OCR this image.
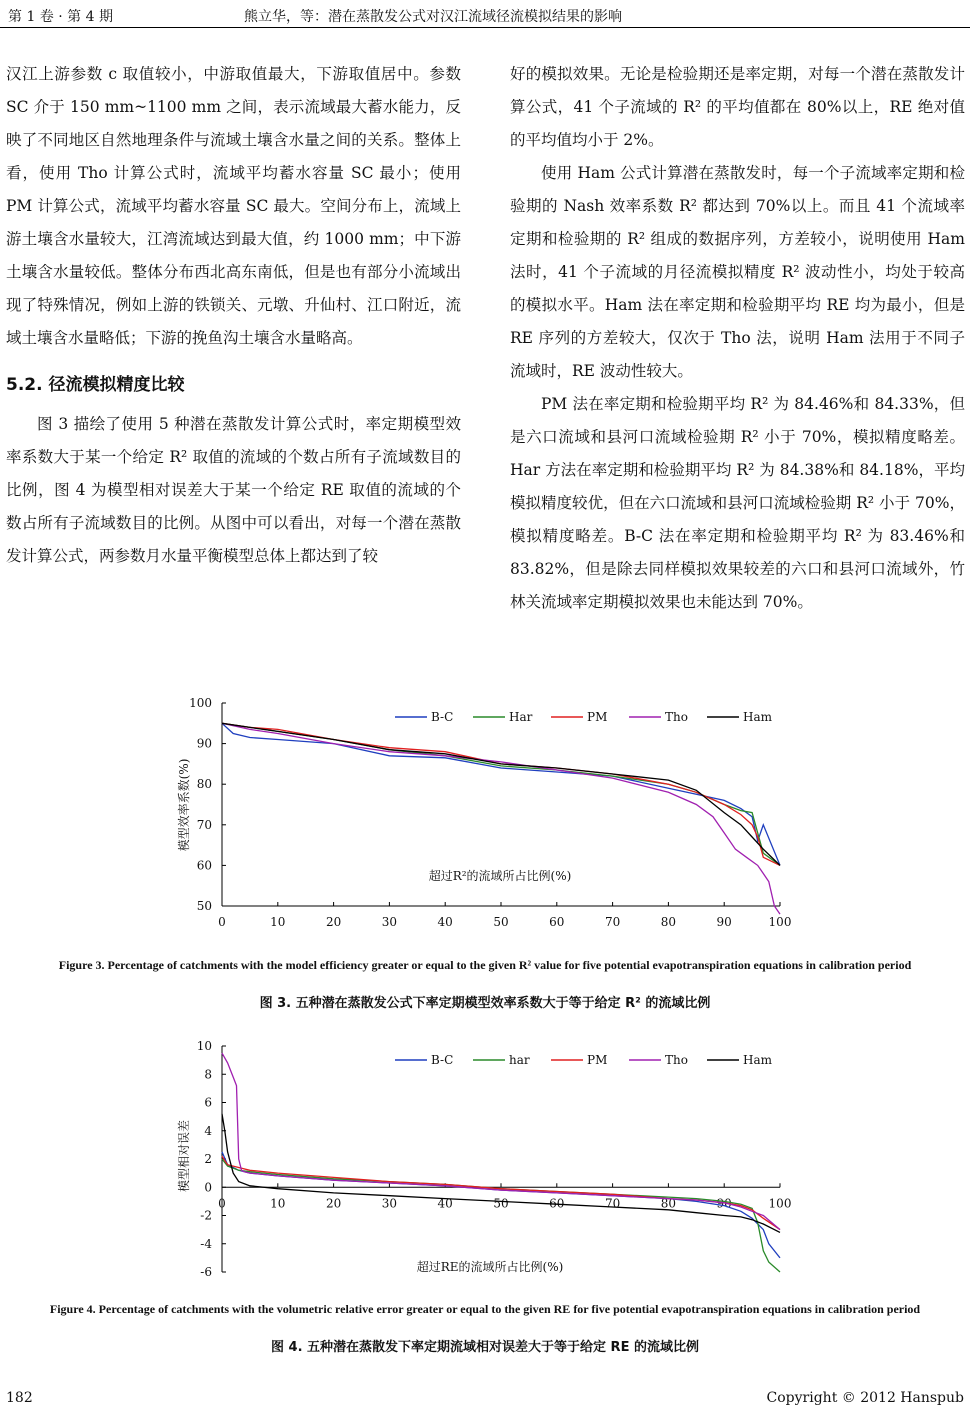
第 1 卷 · 第 4 期	熊立华，等：潜在蒸散发公式对汉江流域径流模拟结果的影响

汉江上游参数 c 取值较小，中游取值最大，下游取值居中。参数 SC 介于 150 mm~1100 mm 之间，表示流域最大蓄水能力，反映了不同地区自然地理条件与流域土壤含水量之间的关系。整体上看，使用 Tho 计算公式时，流域平均蓄水容量 SC 最小；使用 PM 计算公式，流域平均蓄水容量 SC 最大。空间分布上，流域上游土壤含水量较大，江湾流域达到最大值，约 1000 mm；中下游土壤含水量较低。整体分布西北高东南低，但是也有部分小流域出现了特殊情况，例如上游的铁锁关、元墩、升仙村、江口附近，流域土壤含水量略低；下游的挽鱼沟土壤含水量略高。

5.2. 径流模拟精度比较

图 3 描绘了使用 5 种潜在蒸散发计算公式时，率定期模型效率系数大于某一个给定 R² 取值的流域的个数占所有子流域数目的比例，图 4 为模型相对误差大于某一个给定 RE 取值的流域的个数占所有子流域数目的比例。从图中可以看出，对每一个潜在蒸散发计算公式，两参数月水量平衡模型总体上都达到了较

好的模拟效果。无论是检验期还是率定期，对每一个潜在蒸散发计算公式，41 个子流域的 R² 的平均值都在 80%以上，RE 绝对值的平均值均小于 2%。

使用 Ham 公式计算潜在蒸散发时，每一个子流域率定期和检验期的 Nash 效率系数 R² 都达到 70%以上。而且 41 个流域率定期和检验期的 R² 组成的数据序列，方差较小，说明使用 Ham 法时，41 个子流域的月径流模拟精度 R² 波动性小，均处于较高的模拟水平。Ham 法在率定期和检验期平均 RE 均为最小，但是 RE 序列的方差较大，仅次于 Tho 法，说明 Ham 法用于不同子流域时，RE 波动性较大。

PM 法在率定期和检验期平均 R² 为 84.46%和 84.33%，但是六口流域和县河口流域检验期 R² 小于 70%，模拟精度略差。Har 方法在率定期和检验期平均 R² 为 84.38%和 84.18%，平均模拟精度较优，但在六口流域和县河口流域检验期 R² 小于 70%，模拟精度略差。B-C 法在率定期和检验期平均 R² 为 83.46%和 83.82%，但是除去同样模拟效果较差的六口和县河口流域外，竹林关流域率定期模拟效果也未能达到 70%。

50
60
70
80
90
100
0	10	20	30	40	50	60	70	80	90	100
模型效率系数(%)
超过R²的流域所占比例(%)
B-C	Har	PM	Tho	Ham
Figure 3. Percentage of catchments with the model efficiency greater or equal to the given R² value for five potential evapotranspiration equations in calibration period
图 3. 五种潜在蒸散发公式下率定期模型效率系数大于等于给定 R² 的流域比例
-6
-4
-2
0
2
4
6
8
10
0	10	20	30	40	50	60	70	80	90	100
模型相对误差
超过RE的流域所占比例(%)
B-C	har	PM	Tho	Ham
Figure 4. Percentage of catchments with the volumetric relative error greater or equal to the given RE for five potential evapotranspiration equations in calibration period
图 4. 五种潜在蒸散发下率定期流域相对误差大于等于给定 RE 的流域比例
182	Copyright © 2012 Hanspub
